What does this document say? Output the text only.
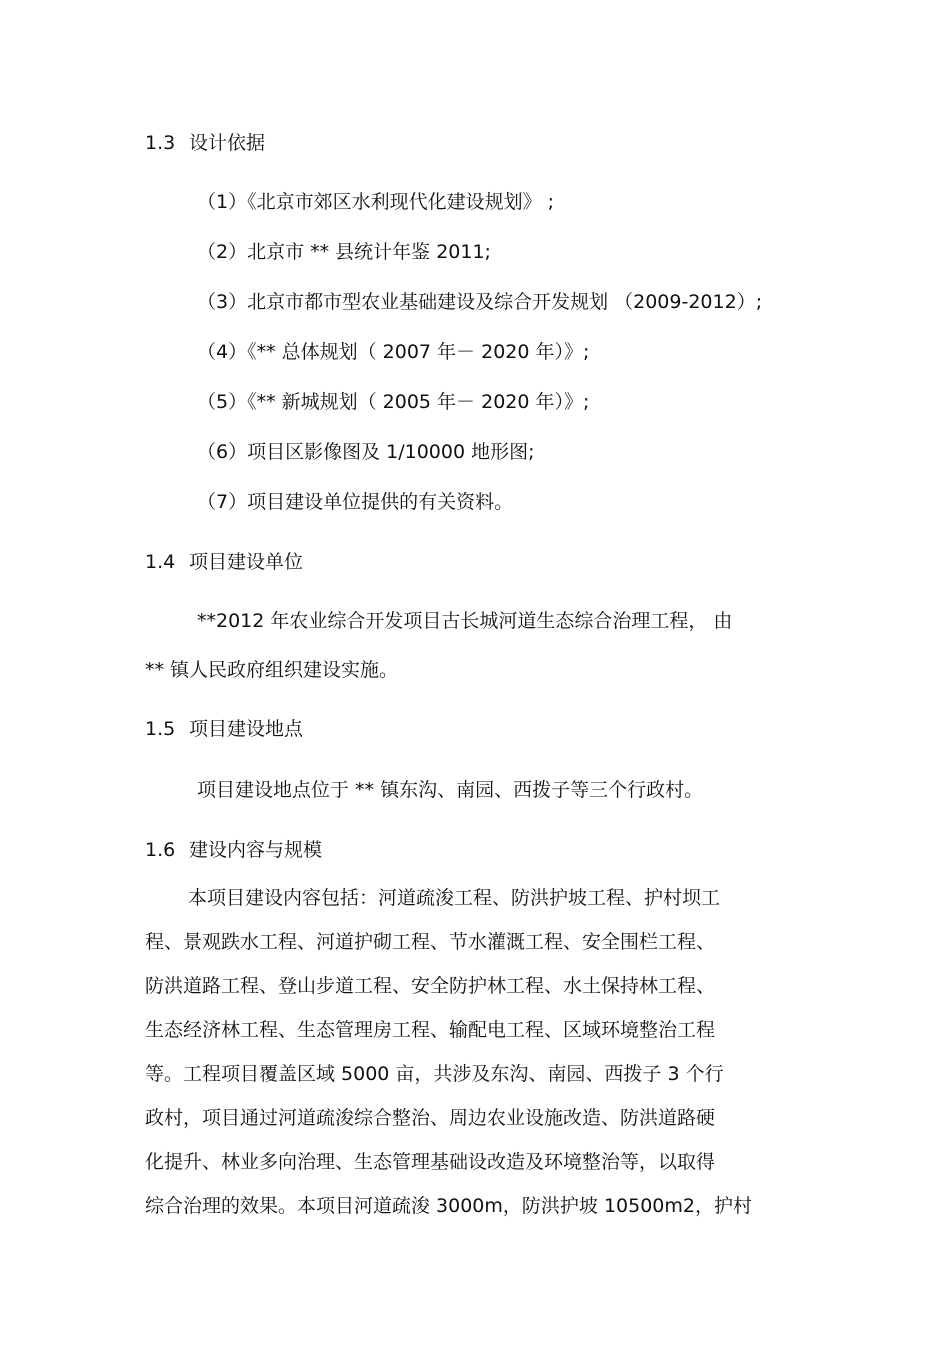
1.3 设计依据
（1）《北京市郊区水利现代化建设规划》 ;
（2）北京市 ** 县统计年鉴 2011;
（3）北京市都市型农业基础建设及综合开发规划 （2009-2012）;
（4）《** 总体规划（ 2007 年－ 2020 年）》;
（5）《** 新城规划（ 2005 年－ 2020 年）》;
（6）项目区影像图及 1/10000 地形图;
（7）项目建设单位提供的有关资料。
1.4 项目建设单位
**2012 年农业综合开发项目古长城河道生态综合治理工程， 由
** 镇人民政府组织建设实施。
1.5 项目建设地点
项目建设地点位于 ** 镇东沟、南园、西拨子等三个行政村。
1.6 建设内容与规模
本项目建设内容包括：河道疏浚工程、防洪护坡工程、护村坝工
程、景观跌水工程、河道护砌工程、节水灌溉工程、安全围栏工程、
防洪道路工程、登山步道工程、安全防护林工程、水土保持林工程、
生态经济林工程、生态管理房工程、输配电工程、区域环境整治工程
等。工程项目覆盖区域 5000 亩，共涉及东沟、南园、西拨子 3 个行
政村，项目通过河道疏浚综合整治、周边农业设施改造、防洪道路硬
化提升、林业多向治理、生态管理基础设改造及环境整治等，以取得
综合治理的效果。本项目河道疏浚 3000m，防洪护坡 10500m2，护村
